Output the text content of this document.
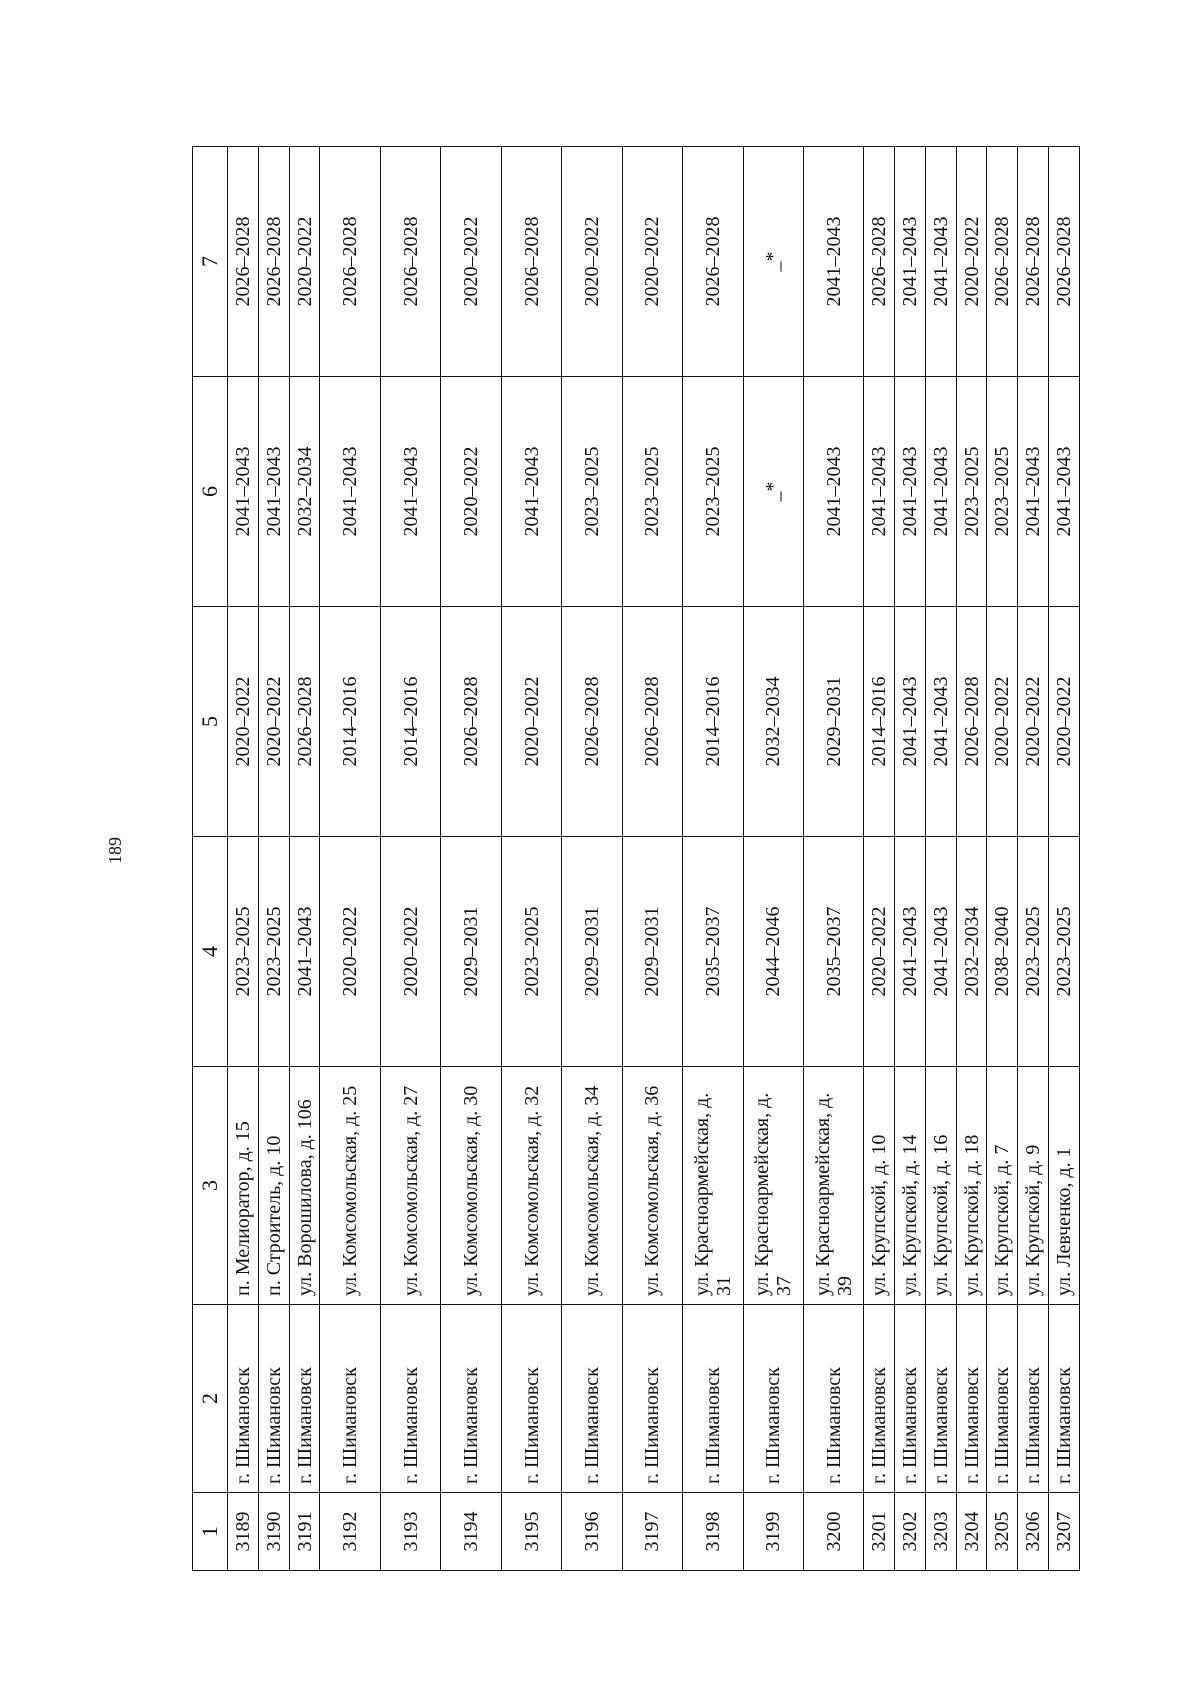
189
1	2	3	4	5	6	7
3189	г. Шимановск	п. Мелиоратор, д. 15	2023–2025	2020–2022	2041–2043	2026–2028
3190	г. Шимановск	п. Строитель, д. 10	2023–2025	2020–2022	2041–2043	2026–2028
3191	г. Шимановск	ул. Ворошилова, д. 106	2041–2043	2026–2028	2032–2034	2020–2022
3192	г. Шимановск	ул. Комсомольская, д. 25	2020–2022	2014–2016	2041–2043	2026–2028
3193	г. Шимановск	ул. Комсомольская, д. 27	2020–2022	2014–2016	2041–2043	2026–2028
3194	г. Шимановск	ул. Комсомольская, д. 30	2029–2031	2026–2028	2020–2022	2020–2022
3195	г. Шимановск	ул. Комсомольская, д. 32	2023–2025	2020–2022	2041–2043	2026–2028
3196	г. Шимановск	ул. Комсомольская, д. 34	2029–2031	2026–2028	2023–2025	2020–2022
3197	г. Шимановск	ул. Комсомольская, д. 36	2029–2031	2026–2028	2023–2025	2020–2022
3198	г. Шимановск	ул. Красноармейская, д. 31	2035–2037	2014–2016	2023–2025	2026–2028
3199	г. Шимановск	ул. Красноармейская, д. 37	2044–2046	2032–2034	_*	_*
3200	г. Шимановск	ул. Красноармейская, д. 39	2035–2037	2029–2031	2041–2043	2041–2043
3201	г. Шимановск	ул. Крупской, д. 10	2020–2022	2014–2016	2041–2043	2026–2028
3202	г. Шимановск	ул. Крупской, д. 14	2041–2043	2041–2043	2041–2043	2041–2043
3203	г. Шимановск	ул. Крупской, д. 16	2041–2043	2041–2043	2041–2043	2041–2043
3204	г. Шимановск	ул. Крупской, д. 18	2032–2034	2026–2028	2023–2025	2020–2022
3205	г. Шимановск	ул. Крупской, д. 7	2038–2040	2020–2022	2023–2025	2026–2028
3206	г. Шимановск	ул. Крупской, д. 9	2023–2025	2020–2022	2041–2043	2026–2028
3207	г. Шимановск	ул. Левченко, д. 1	2023–2025	2020–2022	2041–2043	2026–2028
